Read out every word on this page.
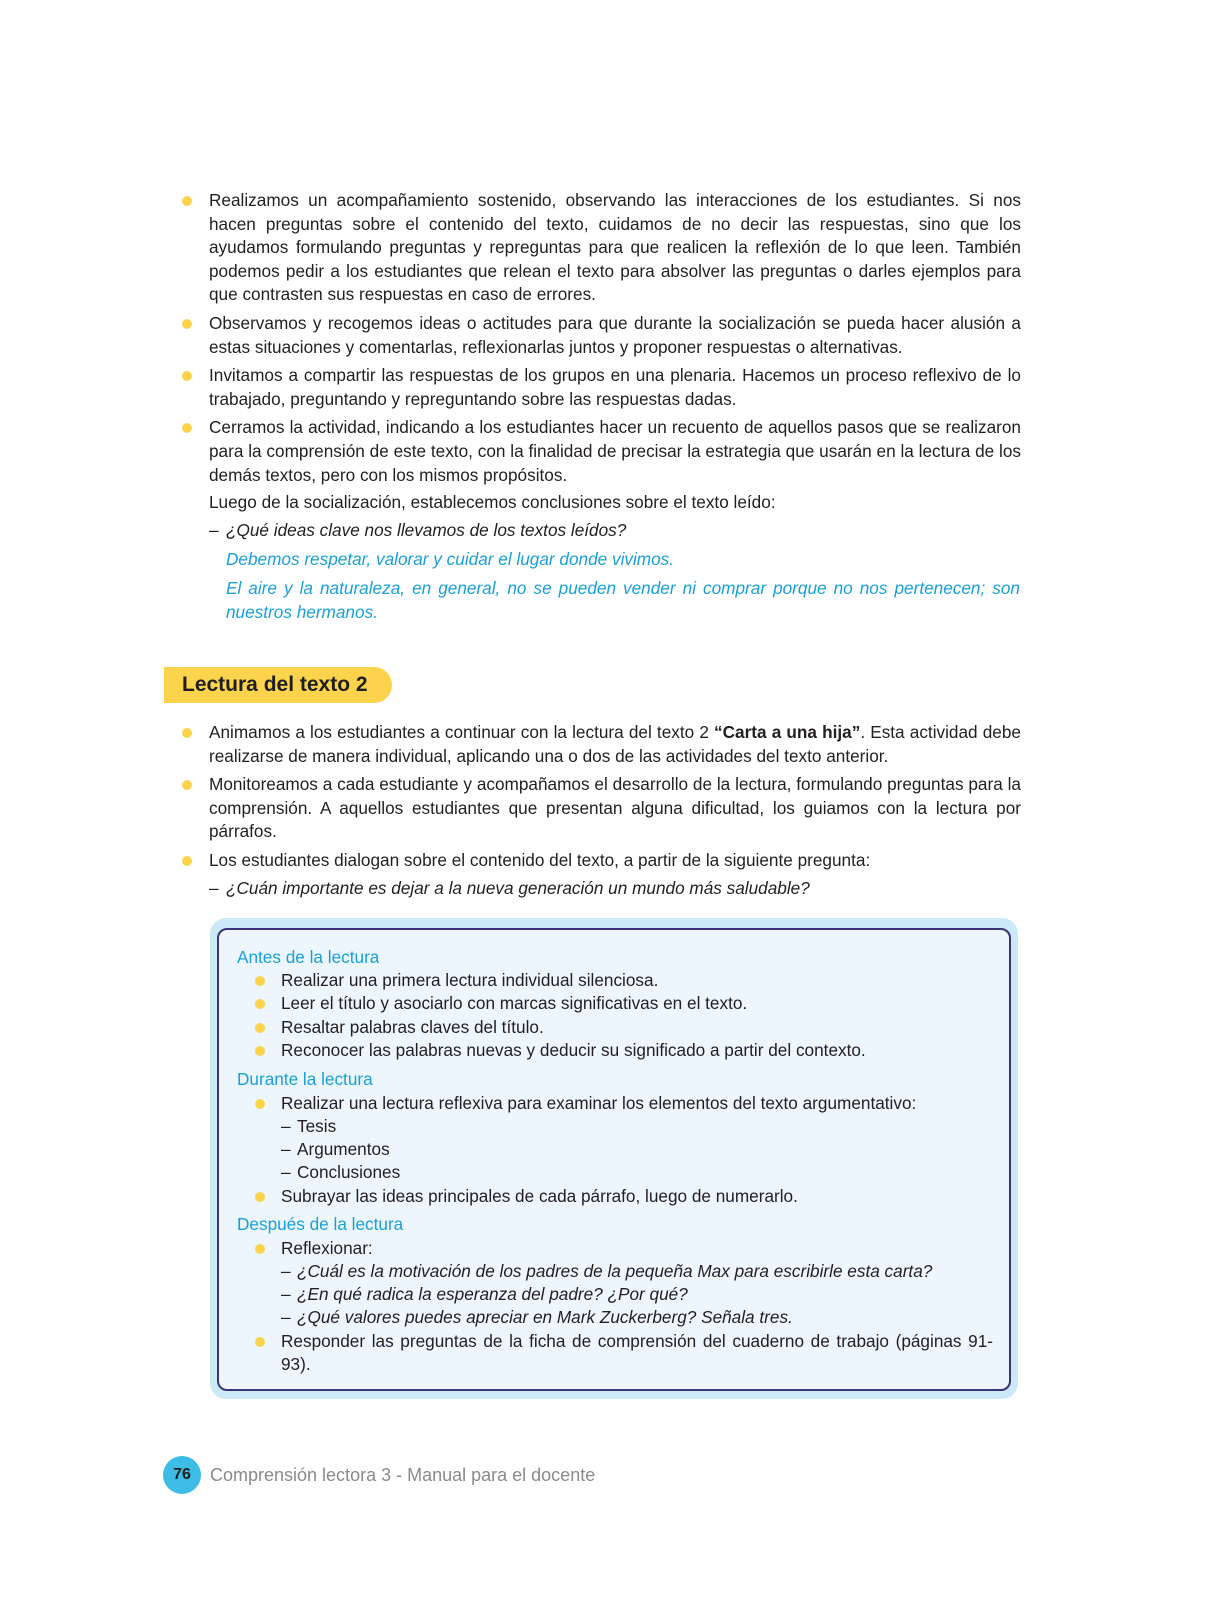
Realizamos un acompañamiento sostenido, observando las interacciones de los estudiantes. Si nos hacen preguntas sobre el contenido del texto, cuidamos de no decir las respuestas, sino que los ayudamos formulando preguntas y repreguntas para que realicen la reflexión de lo que leen. También podemos pedir a los estudiantes que relean el texto para absolver las preguntas o darles ejemplos para que contrasten sus respuestas en caso de errores.
Observamos y recogemos ideas o actitudes para que durante la socialización se pueda hacer alusión a estas situaciones y comentarlas, reflexionarlas juntos y proponer respuestas o alternativas.
Invitamos a compartir las respuestas de los grupos en una plenaria. Hacemos un proceso reflexivo de lo trabajado, preguntando y repreguntando sobre las respuestas dadas.
Cerramos la actividad, indicando a los estudiantes hacer un recuento de aquellos pasos que se realizaron para la comprensión de este texto, con la finalidad de precisar la estrategia que usarán en la lectura de los demás textos, pero con los mismos propósitos.
Luego de la socialización, establecemos conclusiones sobre el texto leído:
– ¿Qué ideas clave nos llevamos de los textos leídos?
Debemos respetar, valorar y cuidar el lugar donde vivimos.
El aire y la naturaleza, en general, no se pueden vender ni comprar porque no nos pertenecen; son nuestros hermanos.
Lectura del texto 2
Animamos a los estudiantes a continuar con la lectura del texto 2 “Carta a una hija”. Esta actividad debe realizarse de manera individual, aplicando una o dos de las actividades del texto anterior.
Monitoreamos a cada estudiante y acompañamos el desarrollo de la lectura, formulando preguntas para la comprensión. A aquellos estudiantes que presentan alguna dificultad, los guiamos con la lectura por párrafos.
Los estudiantes dialogan sobre el contenido del texto, a partir de la siguiente pregunta:
– ¿Cuán importante es dejar a la nueva generación un mundo más saludable?
Antes de la lectura
Realizar una primera lectura individual silenciosa.
Leer el título y asociarlo con marcas significativas en el texto.
Resaltar palabras claves del título.
Reconocer las palabras nuevas y deducir su significado a partir del contexto.
Durante la lectura
Realizar una lectura reflexiva para examinar los elementos del texto argumentativo:
– Tesis
– Argumentos
– Conclusiones
Subrayar las ideas principales de cada párrafo, luego de numerarlo.
Después de la lectura
Reflexionar:
– ¿Cuál es la motivación de los padres de la pequeña Max para escribirle esta carta?
– ¿En qué radica la esperanza del padre? ¿Por qué?
– ¿Qué valores puedes apreciar en Mark Zuckerberg? Señala tres.
Responder las preguntas de la ficha de comprensión del cuaderno de trabajo (páginas 91-93).
76	Comprensión lectora 3 - Manual para el docente
